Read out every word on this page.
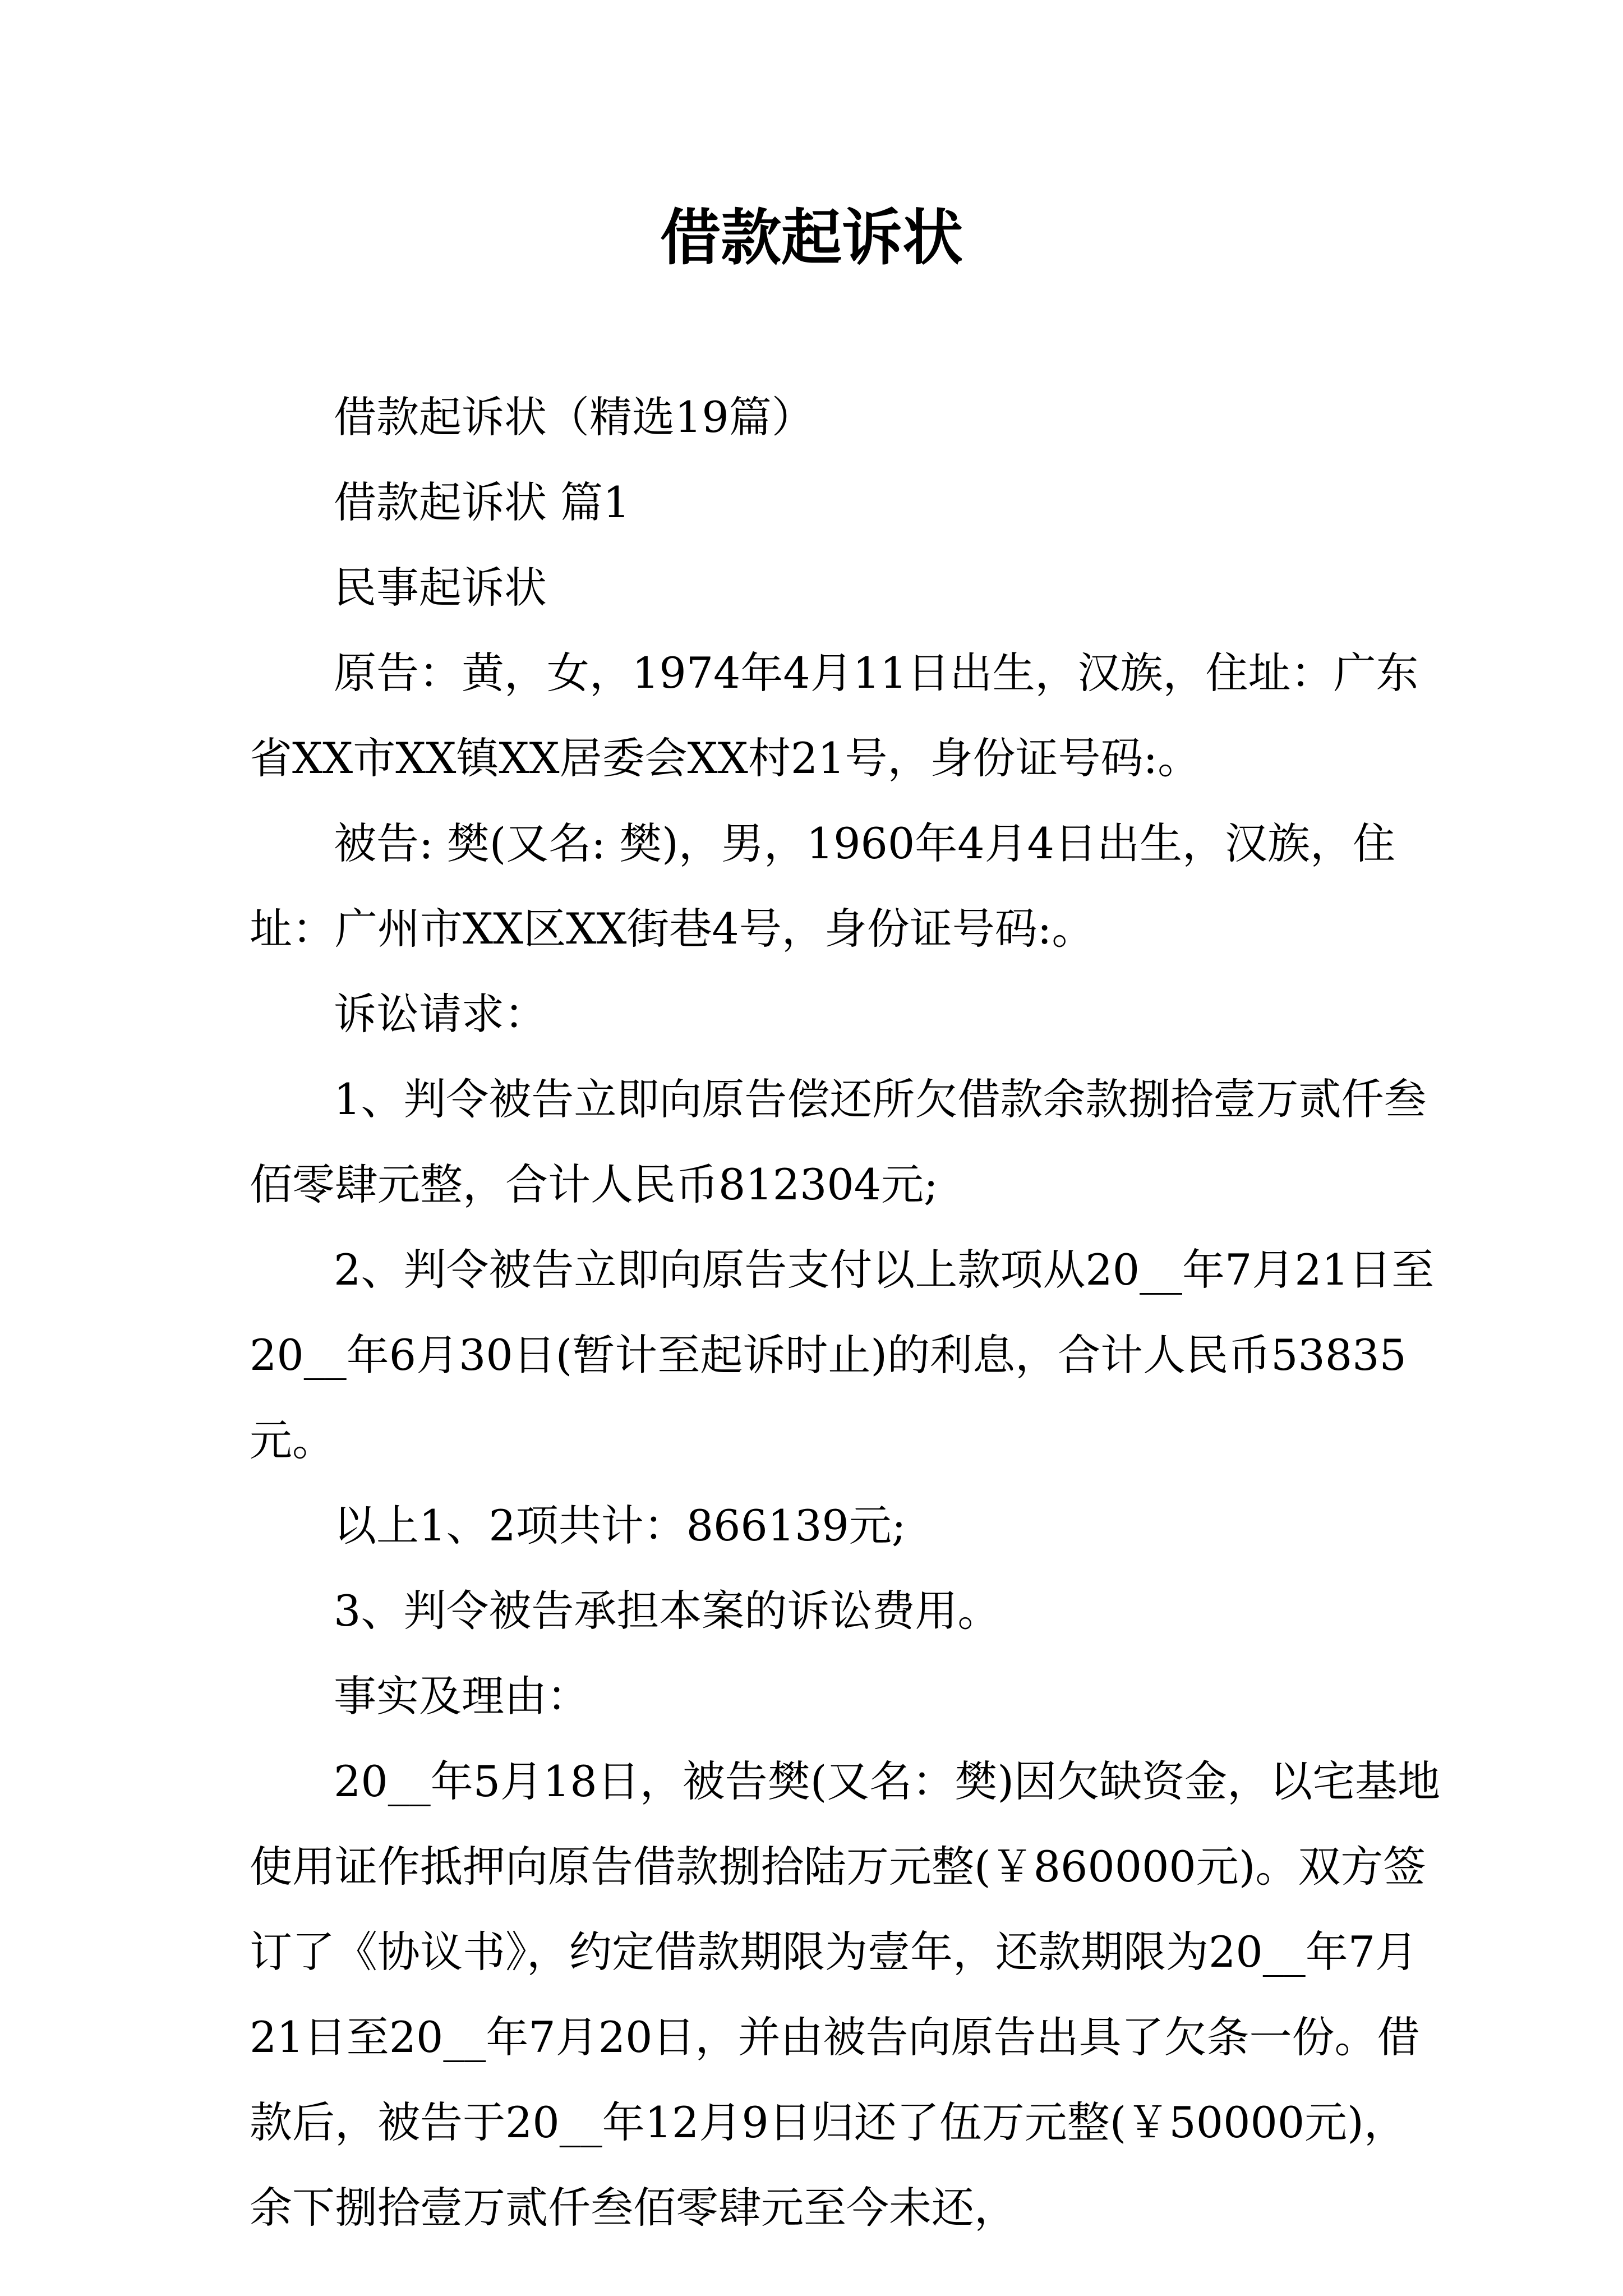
借款起诉状

借款起诉状（精选19篇）

借款起诉状 篇1

民事起诉状

原告：黄，女，1974年4月11日出生，汉族，住址：广东省XX市XX镇XX居委会XX村21号，身份证号码:。

被告: 樊(又名: 樊)，男，1960年4月4日出生，汉族，住址：广州市XX区XX街巷4号，身份证号码:。

诉讼请求：

1、判令被告立即向原告偿还所欠借款余款捌拾壹万贰仟叁佰零肆元整，合计人民币812304元;

2、判令被告立即向原告支付以上款项从20__年7月21日至20__年6月30日(暂计至起诉时止)的利息，合计人民币53835元。

以上1、2项共计：866139元;

3、判令被告承担本案的诉讼费用。

事实及理由：

20__年5月18日，被告樊(又名：樊)因欠缺资金，以宅基地使用证作抵押向原告借款捌拾陆万元整(￥860000元)。双方签订了《协议书》，约定借款期限为壹年，还款期限为20__年7月21日至20__年7月20日，并由被告向原告出具了欠条一份。借款后，被告于20__年12月9日归还了伍万元整(￥50000元)，余下捌拾壹万贰仟叁佰零肆元至今未还，
